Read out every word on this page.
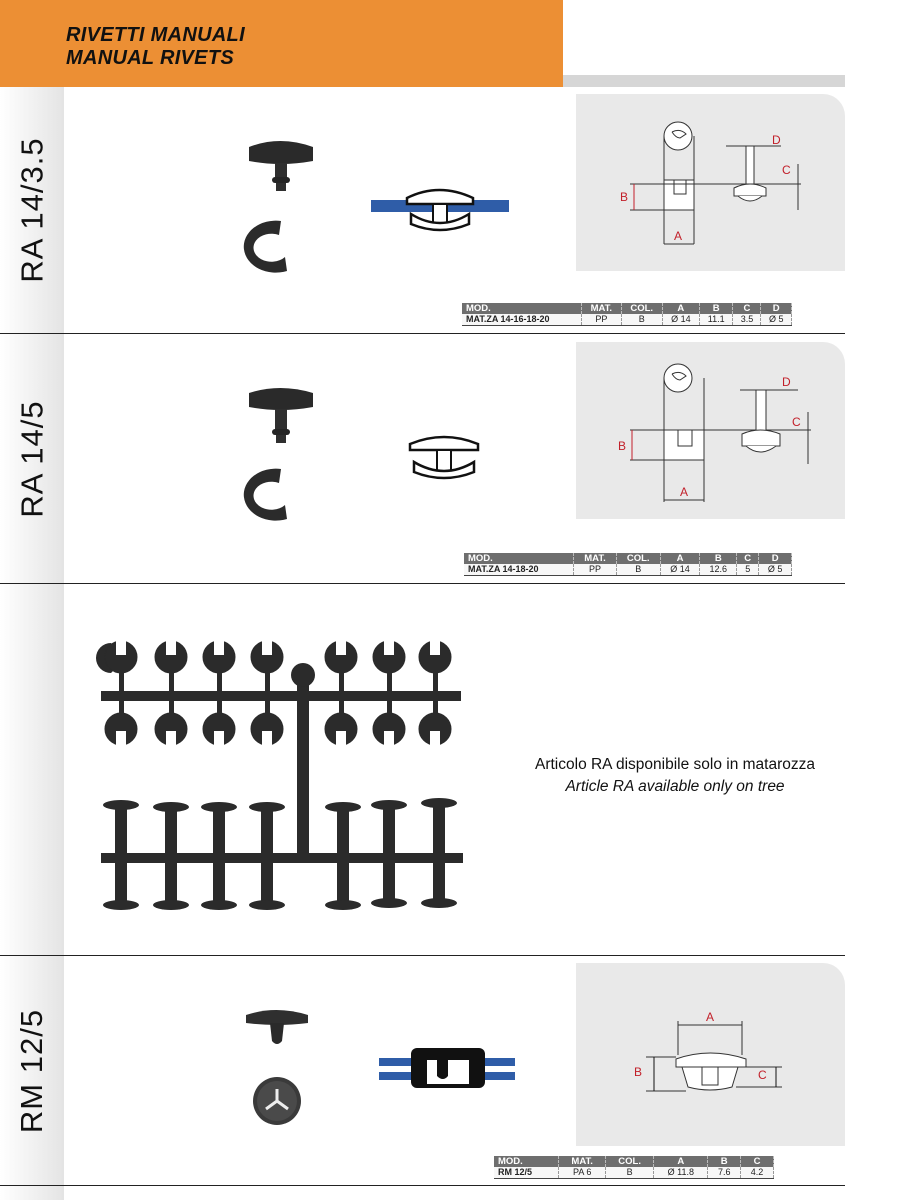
RIVETTI MANUALI
MANUAL RIVETS
RA 14/3.5
RA 14/5
RM 12/5
B
A
D
C
MOD.	MAT.	COL.	A	B	C	D
MAT.ZA 14-16-18-20	PP	B	Ø 14	11.1	3.5	Ø 5
B
A
D
C
MOD.	MAT.	COL.	A	B	C	D
MAT.ZA 14-18-20	PP	B	Ø 14	12.6	5	Ø 5
Articolo RA disponibile solo in matarozza
Article RA available only on tree
A
B	C
MOD.	MAT.	COL.	A	B	C
RM 12/5	PA 6	B	Ø 11.8	7.6	4.2
